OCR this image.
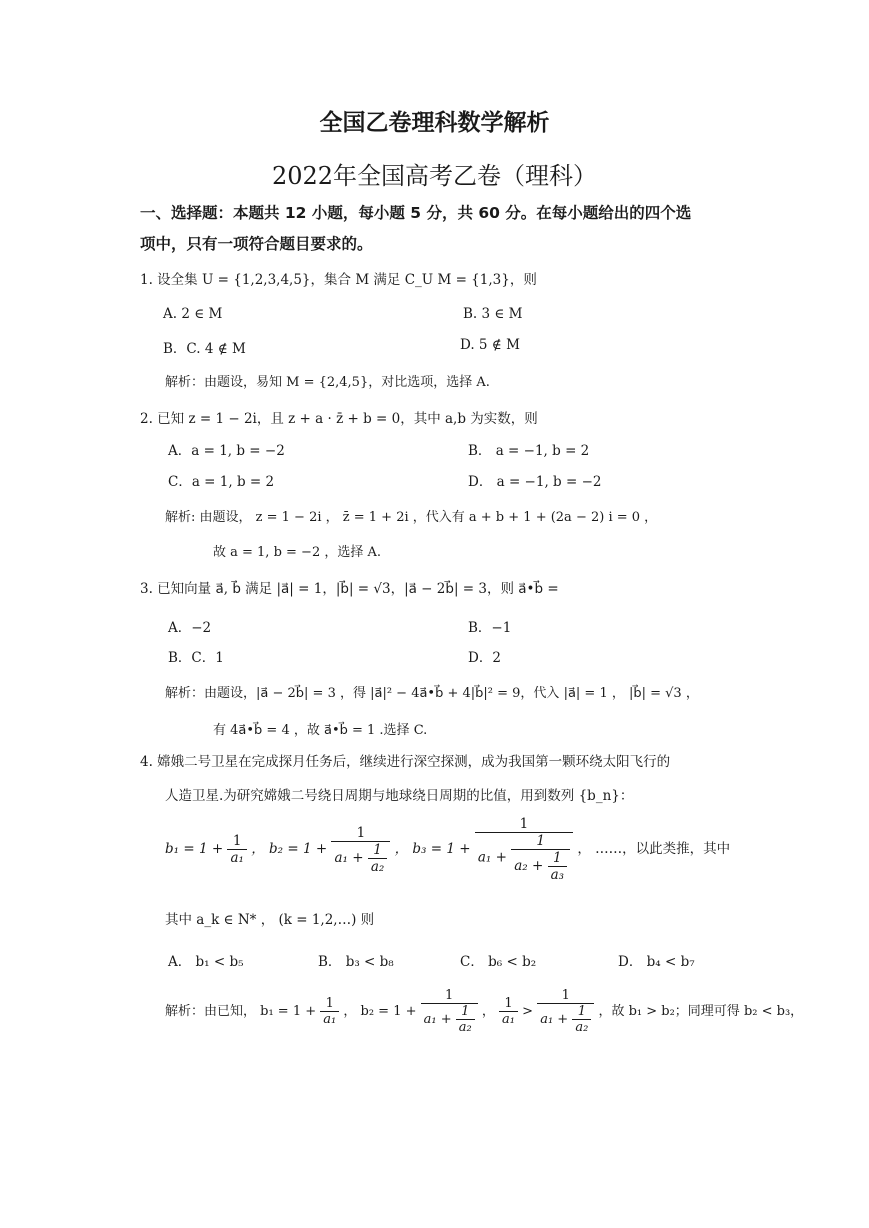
全国乙卷理科数学解析
2022年全国高考乙卷（理科）
一、选择题：本题共 12 小题，每小题 5 分，共 60 分。在每小题给出的四个选
项中，只有一项符合题目要求的。
1. 设全集 U = {1,2,3,4,5}，集合 M 满足 C_U M = {1,3}，则
A. 2 ∈ M	B. 3 ∈ M
B．C. 4 ∉ M	D. 5 ∉ M
解析：由题设，易知 M = {2,4,5}，对比选项，选择 A.
2. 已知 z = 1 − 2i，且 z + a · z̄ + b = 0，其中 a,b 为实数，则
A．a = 1, b = −2	B． a = −1, b = 2
C．a = 1, b = 2	D． a = −1, b = −2
解析: 由题设， z = 1 − 2i ， z̄ = 1 + 2i ，代入有 a + b + 1 + (2a − 2) i = 0 ，
故 a = 1, b = −2 ，选择 A.
3. 已知向量 a⃗, b⃗ 满足 |a⃗| = 1，|b⃗| = √3，|a⃗ − 2b⃗| = 3，则 a⃗•b⃗ =
A．−2	B．−1
B．C．1	D．2
解析：由题设，|a⃗ − 2b⃗| = 3 ，得 |a⃗|² − 4a⃗•b⃗ + 4|b⃗|² = 9，代入 |a⃗| = 1 ， |b⃗| = √3 ，
有 4a⃗•b⃗ = 4 ，故 a⃗•b⃗ = 1 .选择 C.
4. 嫦娥二号卫星在完成探月任务后，继续进行深空探测，成为我国第一颗环绕太阳飞行的
人造卫星.为研究嫦娥二号绕日周期与地球绕日周期的比值，用到数列 {b_n}：
$b_1 = 1 + \frac{1}{\text{a₁}}$ ， $b_2 = 1 + \frac{1}{a_1 + \frac{1}{\text{a₂}}}$ ， b₃ = 1 +
1
$a_1 + \frac{1}{a_2 + \frac{1}{\text{a₃}}}$ ， ……，以此类推，其中
其中 a_k ∈ N* ， (k = 1,2,…) 则
A． b₁ < b₅	B． b₃ < b₈	C． b₆ < b₂	D． b₄ < b₇
解析：由已知， $b_1 = 1 + \frac{1}{\text{a₁}}$ ， $b_2 = 1 + \frac{1}{a_1 + \frac{1}{\text{a₂}}}$ ， $\frac{1}{\text{a₁}} > \frac{1}{a_1 + \frac{1}{\text{a₂}}}$ ，故 b₁ > b₂；同理可得 b₂ < b₃，
